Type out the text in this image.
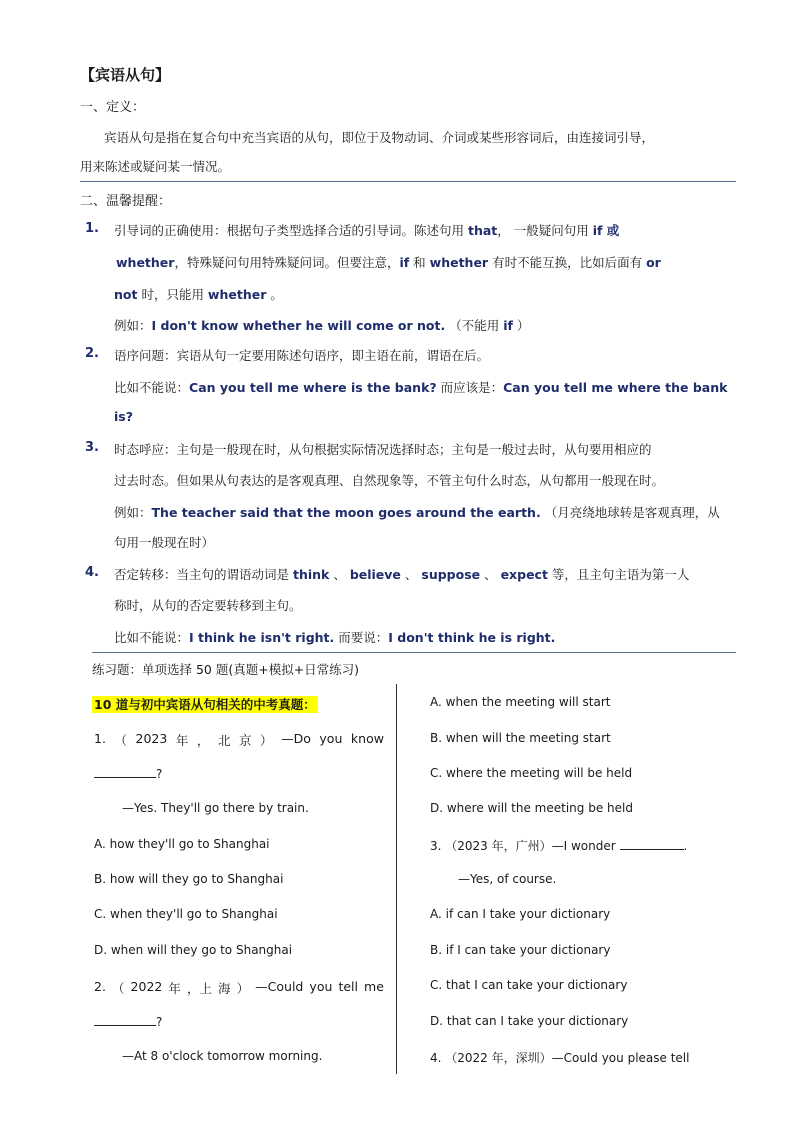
【宾语从句】
一、定义：
宾语从句是指在复合句中充当宾语的从句，即位于及物动词、介词或某些形容词后，由连接词引导，
用来陈述或疑问某一情况。
二、温馨提醒：
1. 引导词的正确使用：根据句子类型选择合适的引导词。陈述句用 that， 一般疑问句用 if 或
whether，特殊疑问句用特殊疑问词。但要注意，if 和 whether 有时不能互换，比如后面有 or
not 时，只能用 whether 。
例如：I don't know whether he will come or not. （不能用 if ）
2. 语序问题：宾语从句一定要用陈述句语序，即主语在前，谓语在后。
比如不能说：Can you tell me where is the bank? 而应该是：Can you tell me where the bank
is?
3. 时态呼应：主句是一般现在时，从句根据实际情况选择时态；主句是一般过去时，从句要用相应的
过去时态。但如果从句表达的是客观真理、自然现象等，不管主句什么时态，从句都用一般现在时。
例如：The teacher said that the moon goes around the earth. （月亮绕地球转是客观真理，从
句用一般现在时）
4. 否定转移：当主句的谓语动词是 think 、 believe 、 suppose 、 expect 等，且主句主语为第一人
称时，从句的否定要转移到主句。
比如不能说：I think he isn't right. 而要说：I don't think he is right.
练习题：单项选择 50 题(真题+模拟+日常练习)
10 道与初中宾语从句相关的中考真题：
1. （ 2023 年 ， 北 京 ） —Do you know
?
—Yes. They'll go there by train.
A. how they'll go to Shanghai
B. how will they go to Shanghai
C. when they'll go to Shanghai
D. when will they go to Shanghai
2. （ 2022 年 ，上 海 ） —Could you tell me
?
—At 8 o'clock tomorrow morning.
A. when the meeting will start
B. when will the meeting start
C. where the meeting will be held
D. where will the meeting be held
3. （2023 年，广州）—I wonder	.
—Yes, of course.
A. if can I take your dictionary
B. if I can take your dictionary
C. that I can take your dictionary
D. that can I take your dictionary
4. （2022 年，深圳）—Could you please tell
